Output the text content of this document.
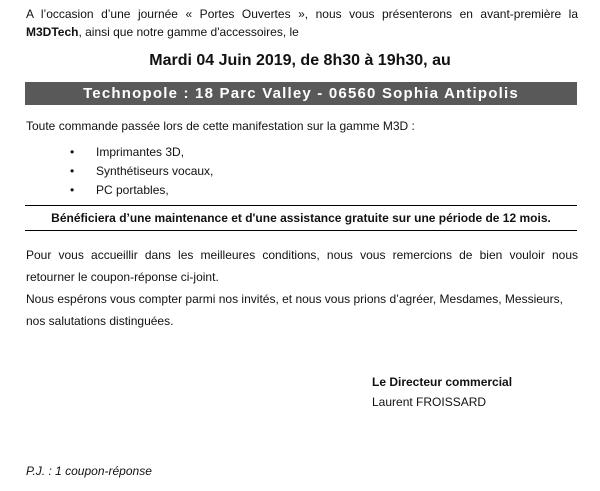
A l’occasion d’une journée « Portes Ouvertes », nous vous présenterons en avant-première la
M3DTech, ainsi que notre gamme d'accessoires, le
Mardi 04 Juin 2019, de 8h30 à 19h30, au
Technopole : 18 Parc Valley - 06560 Sophia Antipolis
Toute commande passée lors de cette manifestation sur la gamme M3D :
• Imprimantes 3D,
• Synthétiseurs vocaux,
• PC portables,
Bénéficiera d’une maintenance et d'une assistance gratuite sur une période de 12 mois.
Pour vous accueillir dans les meilleures conditions, nous vous remercions de bien vouloir nous retourner le coupon-réponse ci-joint.
Nous espérons vous compter parmi nos invités, et nous vous prions d’agréer, Mesdames, Messieurs, nos salutations distinguées.
Le Directeur commercial
Laurent FROISSARD
P.J. : 1 coupon-réponse
